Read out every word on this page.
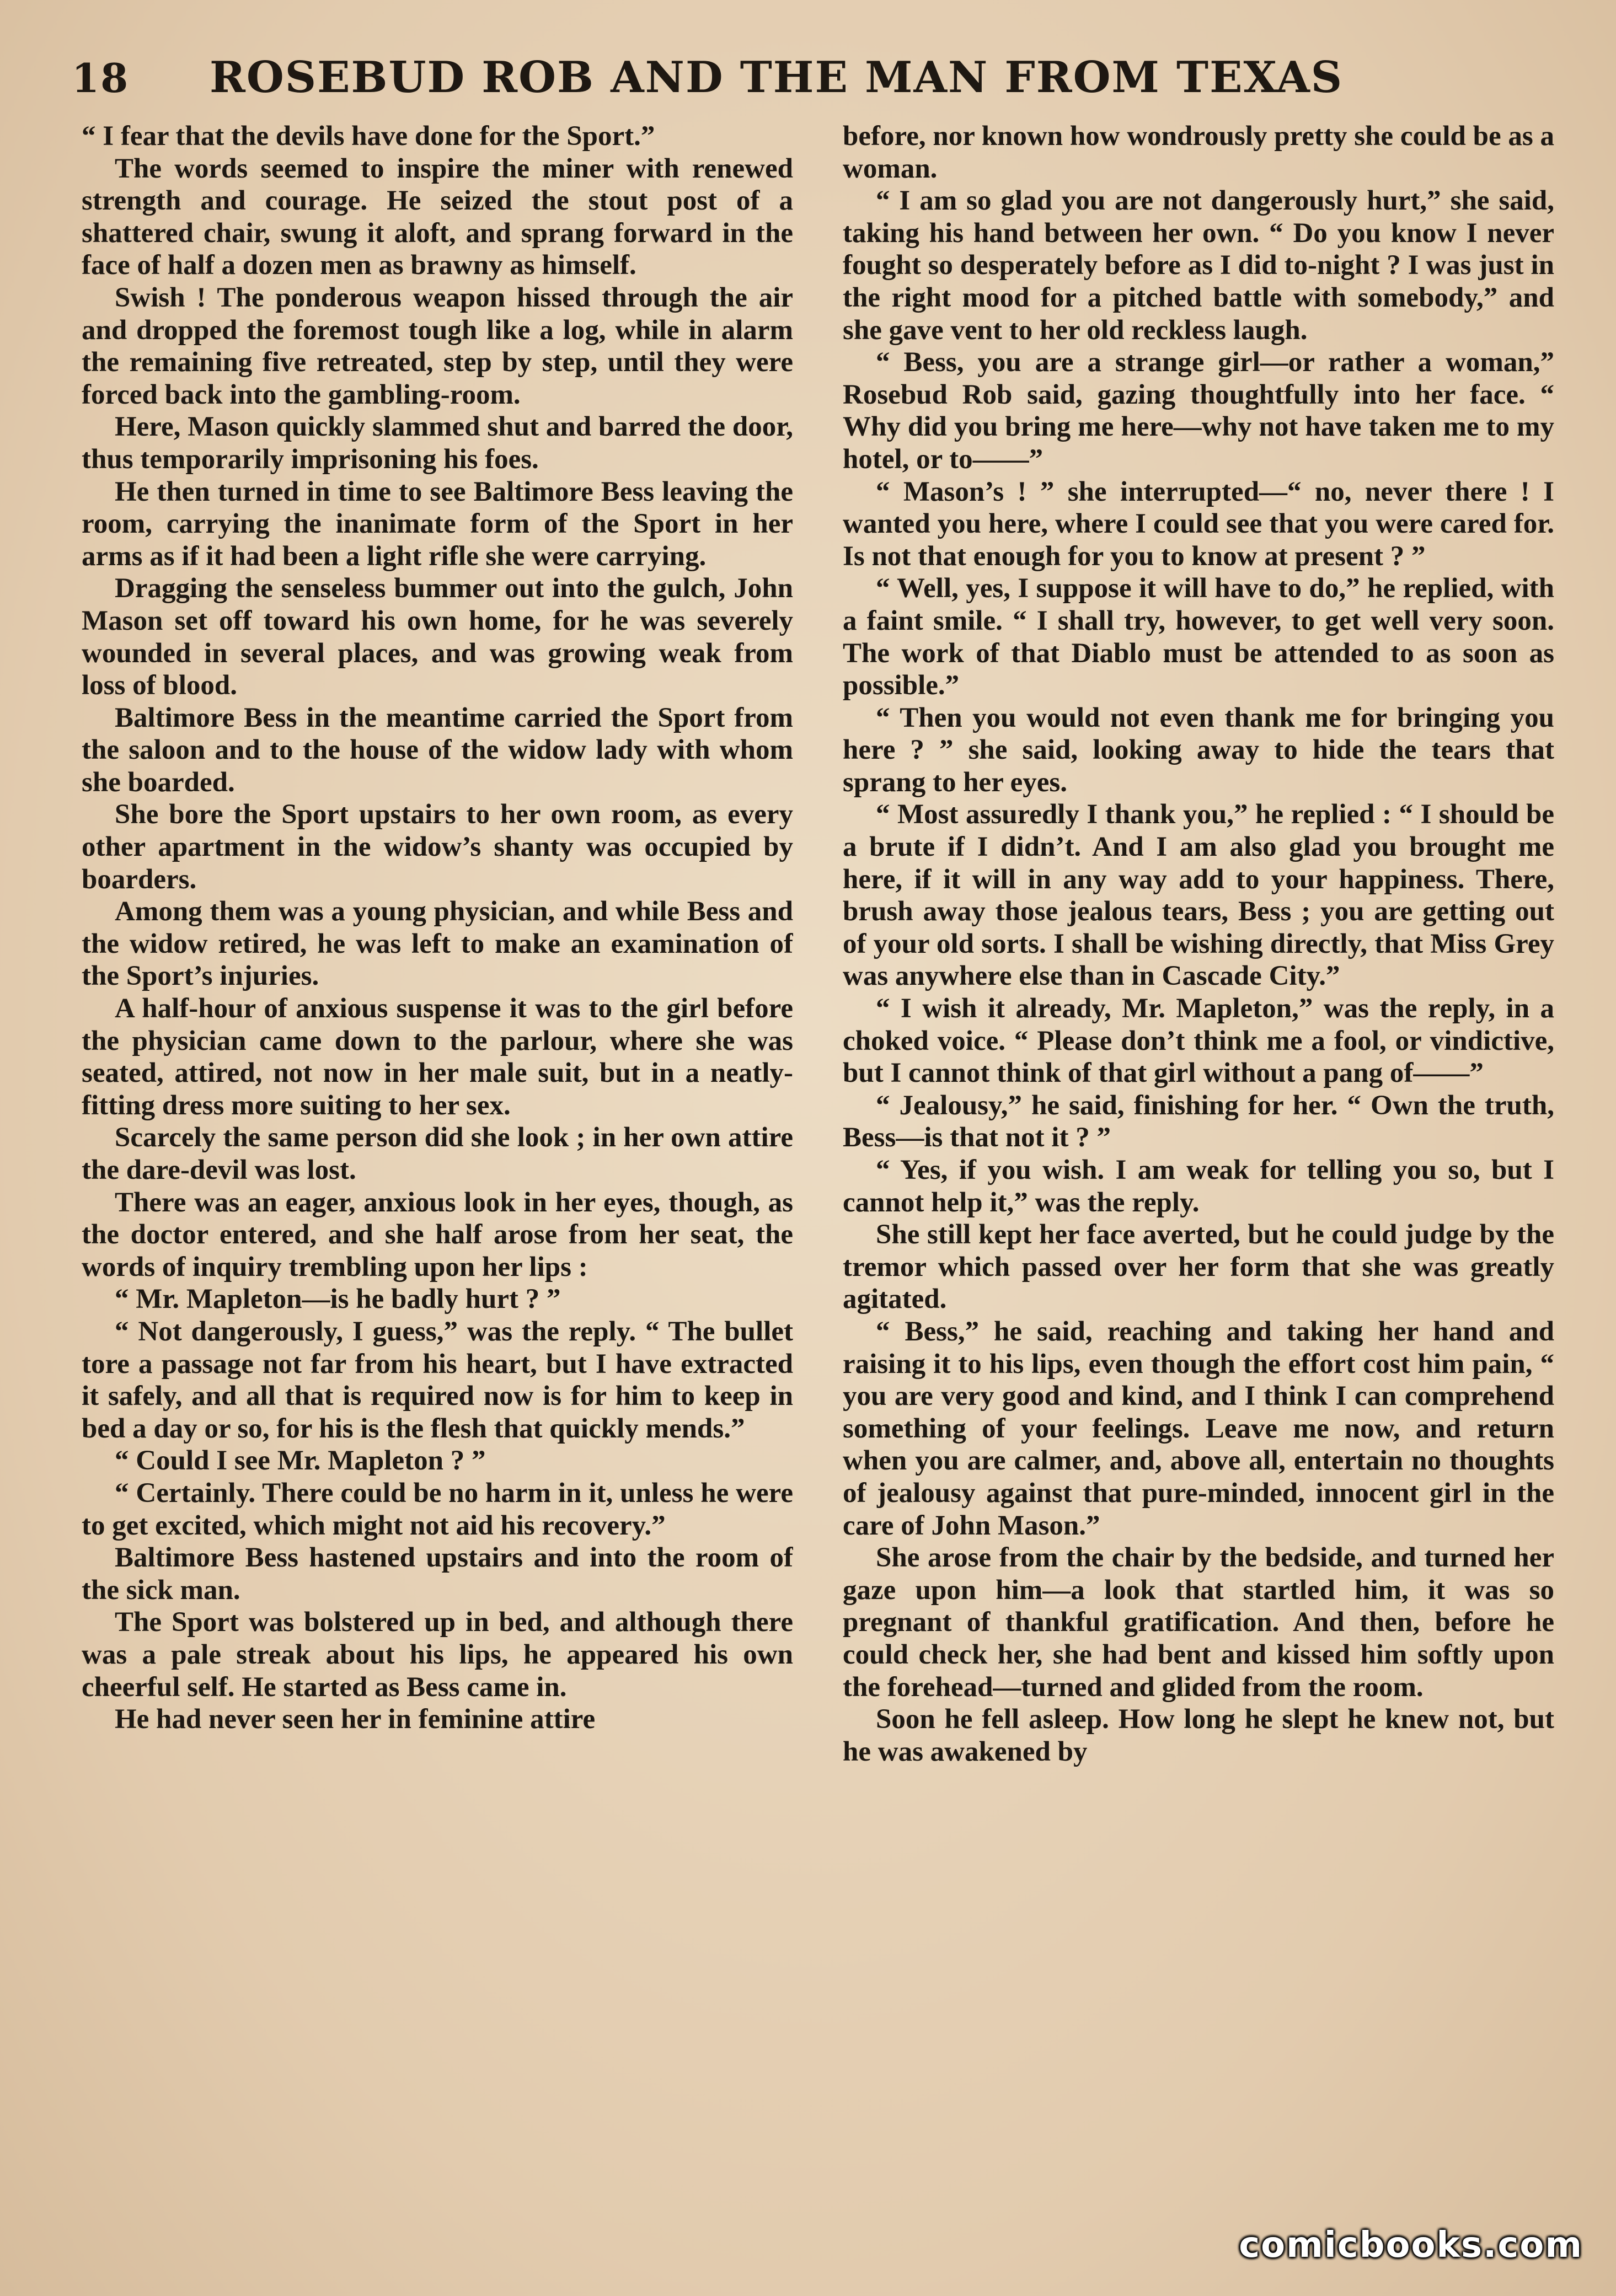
18	ROSEBUD ROB AND THE MAN FROM TEXAS

“ I fear that the devils have done for the Sport.”

The words seemed to inspire the miner with renewed strength and courage. He seized the stout post of a shattered chair, swung it aloft, and sprang forward in the face of half a dozen men as brawny as himself.

Swish ! The ponderous weapon hissed through the air and dropped the foremost tough like a log, while in alarm the remaining five retreated, step by step, until they were forced back into the gambling-room.

Here, Mason quickly slammed shut and barred the door, thus temporarily imprisoning his foes.

He then turned in time to see Baltimore Bess leaving the room, carrying the inanimate form of the Sport in her arms as if it had been a light rifle she were carrying.

Dragging the senseless bummer out into the gulch, John Mason set off toward his own home, for he was severely wounded in several places, and was growing weak from loss of blood.

Baltimore Bess in the meantime carried the Sport from the saloon and to the house of the widow lady with whom she boarded.

She bore the Sport upstairs to her own room, as every other apartment in the widow’s shanty was occupied by boarders.

Among them was a young physician, and while Bess and the widow retired, he was left to make an examination of the Sport’s injuries.

A half-hour of anxious suspense it was to the girl before the physician came down to the parlour, where she was seated, attired, not now in her male suit, but in a neatly-fitting dress more suiting to her sex.

Scarcely the same person did she look ; in her own attire the dare-devil was lost.

There was an eager, anxious look in her eyes, though, as the doctor entered, and she half arose from her seat, the words of inquiry trembling upon her lips :

“ Mr. Mapleton—is he badly hurt ? ”

“ Not dangerously, I guess,” was the reply. “ The bullet tore a passage not far from his heart, but I have extracted it safely, and all that is required now is for him to keep in bed a day or so, for his is the flesh that quickly mends.”

“ Could I see Mr. Mapleton ? ”

“ Certainly. There could be no harm in it, unless he were to get excited, which might not aid his recovery.”

Baltimore Bess hastened upstairs and into the room of the sick man.

The Sport was bolstered up in bed, and although there was a pale streak about his lips, he appeared his own cheerful self. He started as Bess came in.

He had never seen her in feminine attire

before, nor known how wondrously pretty she could be as a woman.

“ I am so glad you are not dangerously hurt,” she said, taking his hand between her own. “ Do you know I never fought so desperately before as I did to-night ? I was just in the right mood for a pitched battle with somebody,” and she gave vent to her old reckless laugh.

“ Bess, you are a strange girl—or rather a woman,” Rosebud Rob said, gazing thoughtfully into her face. “ Why did you bring me here—why not have taken me to my hotel, or to——”

“ Mason’s ! ” she interrupted—“ no, never there ! I wanted you here, where I could see that you were cared for. Is not that enough for you to know at present ? ”

“ Well, yes, I suppose it will have to do,” he replied, with a faint smile. “ I shall try, however, to get well very soon. The work of that Diablo must be attended to as soon as possible.”

“ Then you would not even thank me for bringing you here ? ” she said, looking away to hide the tears that sprang to her eyes.

“ Most assuredly I thank you,” he replied : “ I should be a brute if I didn’t. And I am also glad you brought me here, if it will in any way add to your happiness. There, brush away those jealous tears, Bess ; you are getting out of your old sorts. I shall be wishing directly, that Miss Grey was anywhere else than in Cascade City.”

“ I wish it already, Mr. Mapleton,” was the reply, in a choked voice. “ Please don’t think me a fool, or vindictive, but I cannot think of that girl without a pang of——”

“ Jealousy,” he said, finishing for her. “ Own the truth, Bess—is that not it ? ”

“ Yes, if you wish. I am weak for telling you so, but I cannot help it,” was the reply.

She still kept her face averted, but he could judge by the tremor which passed over her form that she was greatly agitated.

“ Bess,” he said, reaching and taking her hand and raising it to his lips, even though the effort cost him pain, “ you are very good and kind, and I think I can comprehend something of your feelings. Leave me now, and return when you are calmer, and, above all, entertain no thoughts of jealousy against that pure-minded, innocent girl in the care of John Mason.”

She arose from the chair by the bedside, and turned her gaze upon him—a look that startled him, it was so pregnant of thankful gratification. And then, before he could check her, she had bent and kissed him softly upon the forehead—turned and glided from the room.

Soon he fell asleep. How long he slept he knew not, but he was awakened by

comicbooks.com
